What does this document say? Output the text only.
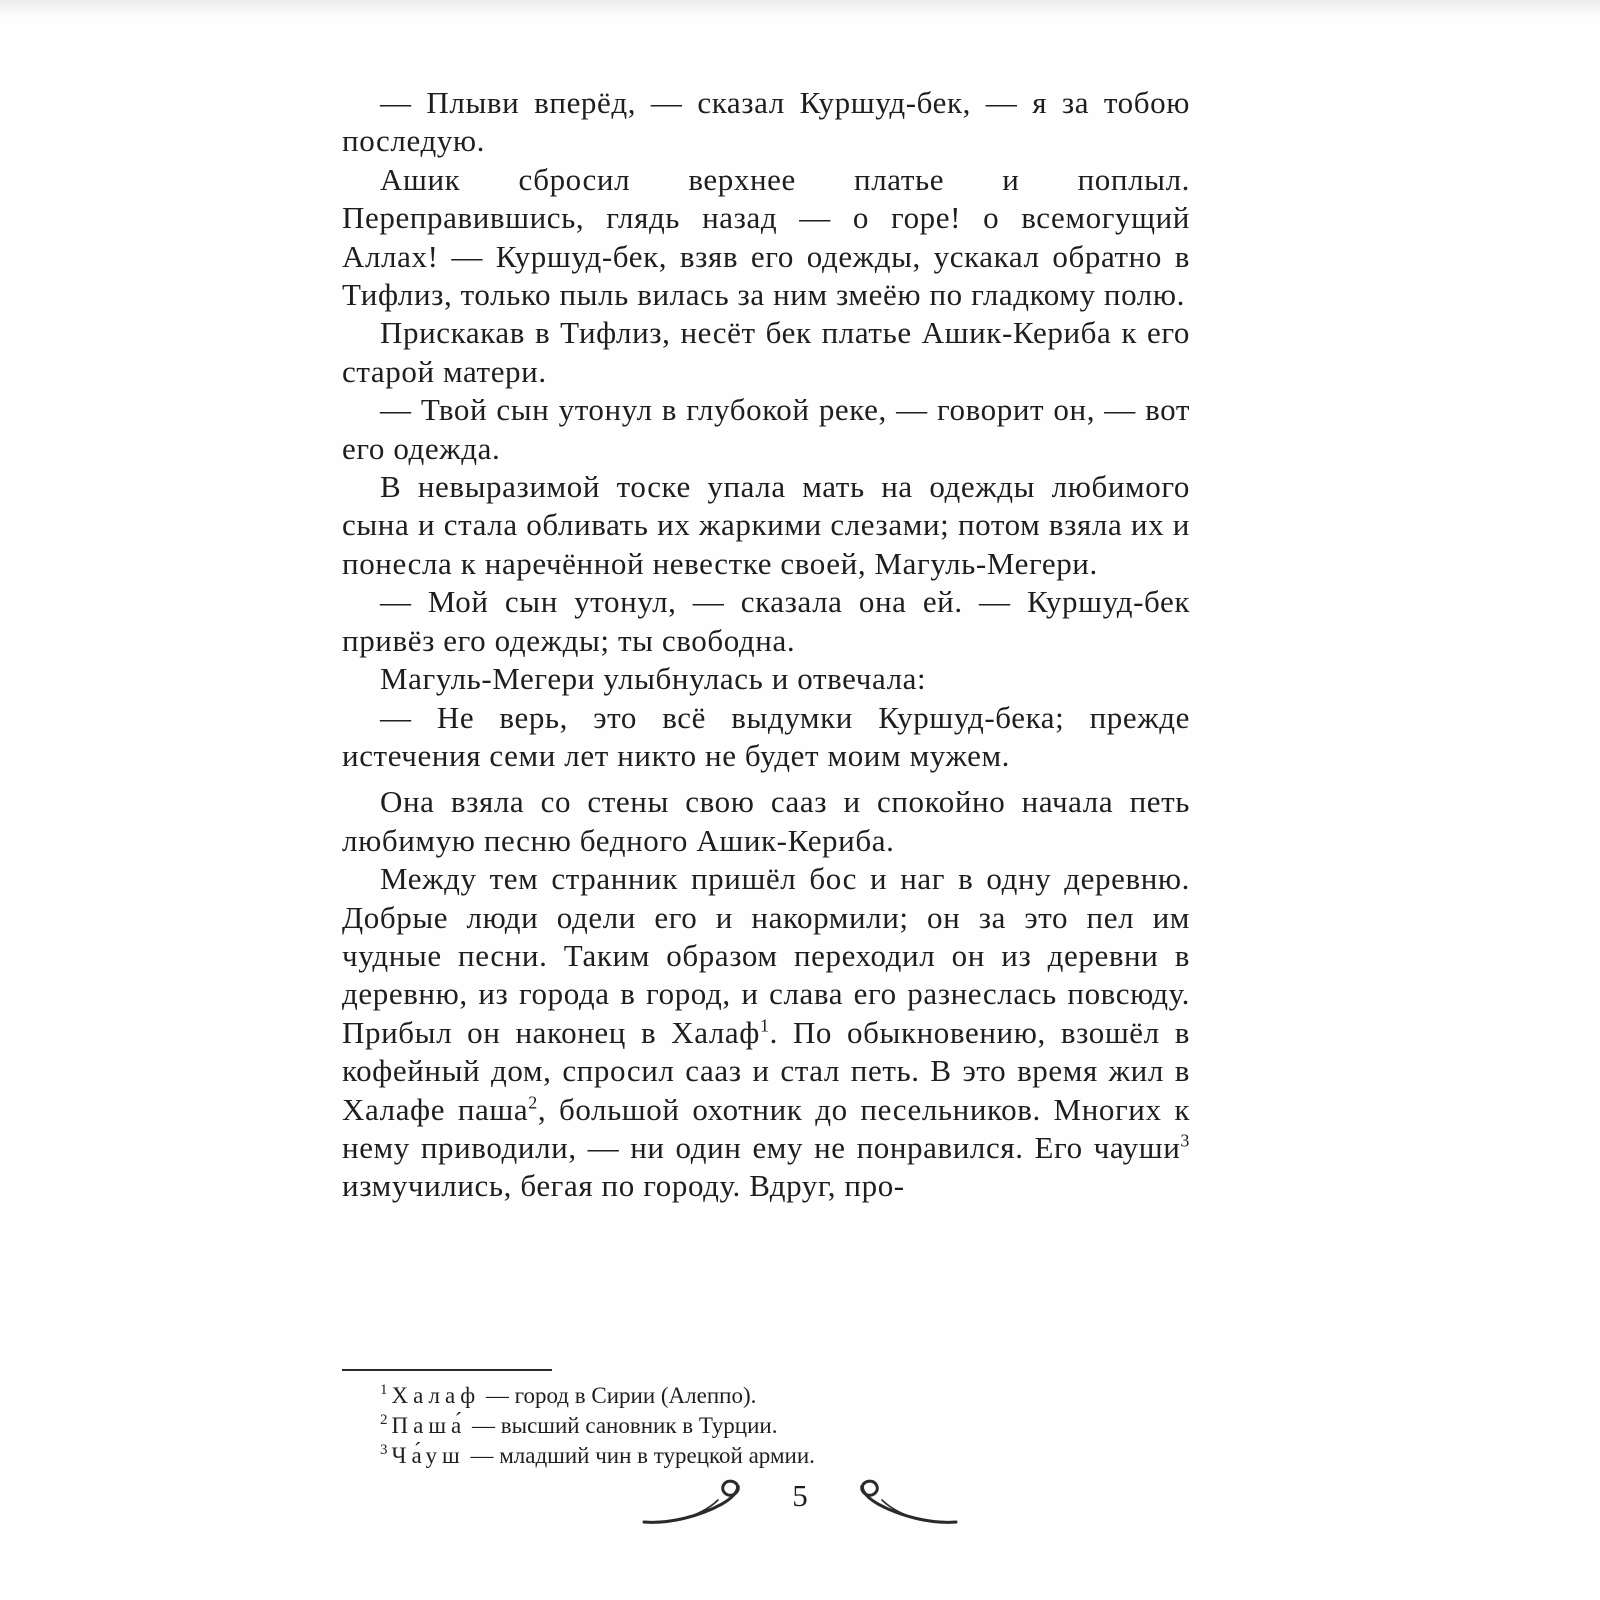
— Плыви вперёд, — сказал Куршуд-бек, — я за тобою последую.

Ашик сбросил верхнее платье и поплыл. Переправившись, глядь назад — о горе! о всемогущий Аллах! — Куршуд-бек, взяв его одежды, ускакал обратно в Тифлиз, только пыль вилась за ним змеёю по гладкому полю.

Прискакав в Тифлиз, несёт бек платье Ашик-Кериба к его старой матери.

— Твой сын утонул в глубокой реке, — говорит он, — вот его одежда.

В невыразимой тоске упала мать на одежды любимого сына и стала обливать их жаркими слезами; потом взяла их и понесла к наречённой невестке своей, Магуль-Мегери.

— Мой сын утонул, — сказала она ей. — Куршуд-бек привёз его одежды; ты свободна.

Магуль-Мегери улыбнулась и отвечала:

— Не верь, это всё выдумки Куршуд-бека; прежде истечения семи лет никто не будет моим мужем.

Она взяла со стены свою сааз и спокойно начала петь любимую песню бедного Ашик-Кериба.

Между тем странник пришёл бос и наг в одну деревню. Добрые люди одели его и накормили; он за это пел им чудные песни. Таким образом переходил он из деревни в деревню, из города в город, и слава его разнеслась повсюду. Прибыл он наконец в Халаф$^1$. По обыкновению, взошёл в кофейный дом, спросил сааз и стал петь. В это время жил в Халафе паша$^2$, большой охотник до песельников. Многих к нему приводили, — ни один ему не понравился. Его чауши$^3$ измучились, бегая по городу. Вдруг, про-

$^1$ Халаф — город в Сирии (Алеппо).

$^2$ Паша́ — высший сановник в Турции.

$^3$ Ча́уш — младший чин в турецкой армии.

5
